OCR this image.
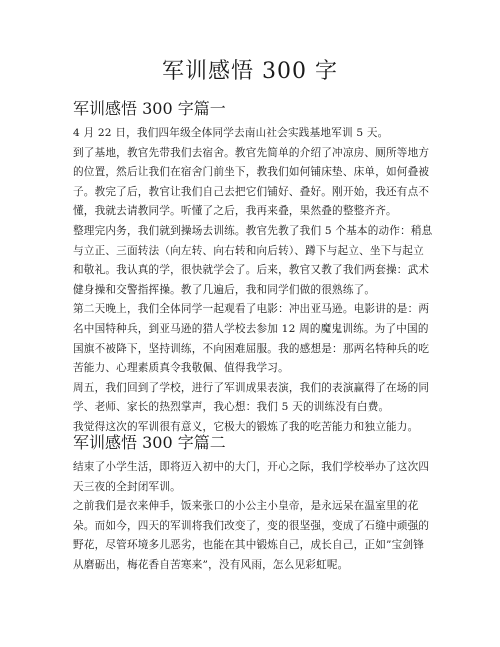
军训感悟 300 字
军训感悟 300 字篇一

4 月 22 日，我们四年级全体同学去南山社会实践基地军训 5 天。

到了基地，教官先带我们去宿舍。教官先简单的介绍了冲凉房、厕所等地方的位置，然后让我们在宿舍门前坐下，教我们如何铺床垫、床单，如何叠被子。教完了后，教官让我们自己去把它们铺好、叠好。刚开始，我还有点不懂，我就去请教同学。听懂了之后，我再来叠，果然叠的整整齐齐。

整理完内务，我们就到操场去训练。教官先教了我们 5 个基本的动作：稍息与立正、三面转法（向左转、向右转和向后转）、蹲下与起立、坐下与起立和敬礼。我认真的学，很快就学会了。后来，教官又教了我们两套操：武术健身操和交警指挥操。教了几遍后，我和同学们做的很熟练了。

第二天晚上，我们全体同学一起观看了电影：冲出亚马逊。电影讲的是：两名中国特种兵，到亚马逊的猎人学校去参加 12 周的魔鬼训练。为了中国的国旗不被降下，坚持训练，不向困难屈服。我的感想是：那两名特种兵的吃苦能力、心理素质真令我敬佩、值得我学习。

周五，我们回到了学校，进行了军训成果表演，我们的表演赢得了在场的同学、老师、家长的热烈掌声，我心想：我们 5 天的训练没有白费。

我觉得这次的军训很有意义，它极大的锻炼了我的吃苦能力和独立能力。

军训感悟 300 字篇二

结束了小学生活，即将迈入初中的大门，开心之际，我们学校举办了这次四天三夜的全封闭军训。

之前我们是衣来伸手，饭来张口的小公主小皇帝，是永远呆在温室里的花朵。而如今，四天的军训将我们改变了，变的很坚强，变成了石缝中顽强的野花，尽管环境多儿恶劣，也能在其中锻炼自己，成长自己，正如”宝剑锋从磨砺出，梅花香自苦寒来”，没有风雨，怎么见彩虹呢。
